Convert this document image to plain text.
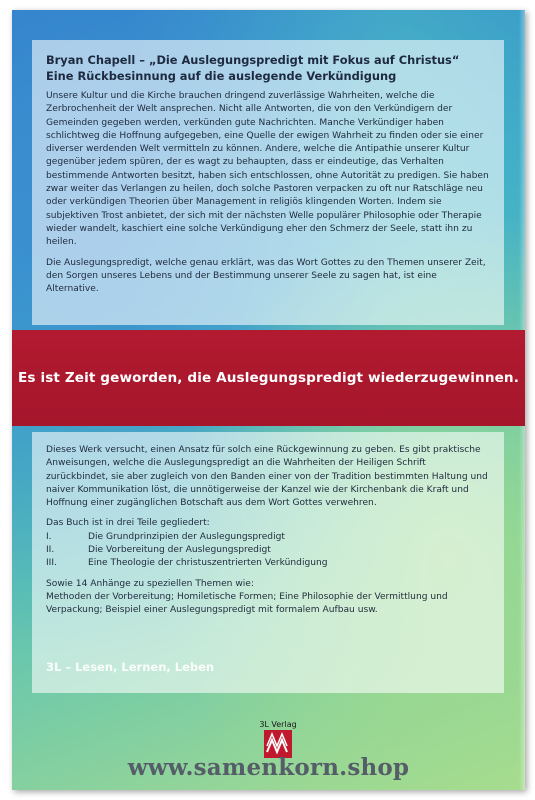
Bryan Chapell – „Die Auslegungspredigt mit Fokus auf Christus“
Eine Rückbesinnung auf die auslegende Verkündigung

Unsere Kultur und die Kirche brauchen dringend zuverlässige Wahrheiten, welche die Zerbrochenheit der Welt ansprechen. Nicht alle Antworten, die von den Verkündigern der Gemeinden gegeben werden, verkünden gute Nachrichten. Manche Verkündiger haben schlichtweg die Hoffnung aufgegeben, eine Quelle der ewigen Wahrheit zu finden oder sie einer diverser werdenden Welt vermitteln zu können. Andere, welche die Antipathie unserer Kultur gegenüber jedem spüren, der es wagt zu behaupten, dass er eindeutige, das Verhalten bestimmende Antworten besitzt, haben sich entschlossen, ohne Autorität zu predigen. Sie haben zwar weiter das Verlangen zu heilen, doch solche Pastoren verpacken zu oft nur Ratschläge neu oder verkündigen Theorien über Management in religiös klingenden Worten. Indem sie subjektiven Trost anbietet, der sich mit der nächsten Welle populärer Philosophie oder Therapie wieder wandelt, kaschiert eine solche Verkündigung eher den Schmerz der Seele, statt ihn zu heilen.

Die Auslegungspredigt, welche genau erklärt, was das Wort Gottes zu den Themen unserer Zeit, den Sorgen unseres Lebens und der Bestimmung unserer Seele zu sagen hat, ist eine Alternative.

Es ist Zeit geworden, die Auslegungspredigt wiederzugewinnen.

Dieses Werk versucht, einen Ansatz für solch eine Rückgewinnung zu geben. Es gibt praktische Anweisungen, welche die Auslegungspredigt an die Wahrheiten der Heiligen Schrift zurückbindet, sie aber zugleich von den Banden einer von der Tradition bestimmten Haltung und naiver Kommunikation löst, die unnötigerweise der Kanzel wie der Kirchenbank die Kraft und Hoffnung einer zugänglichen Botschaft aus dem Wort Gottes verwehren.

Das Buch ist in drei Teile gegliedert:

I.	Die Grundprinzipien der Auslegungspredigt
II.	Die Vorbereitung der Auslegungspredigt
III.	Eine Theologie der christuszentrierten Verkündigung

Sowie 14 Anhänge zu speziellen Themen wie:

Methoden der Vorbereitung; Homiletische Formen; Eine Philosophie der Vermittlung und Verpackung; Beispiel einer Auslegungspredigt mit formalem Aufbau usw.

3L – Lesen, Lernen, Leben
3L Verlag
www.samenkorn.shop
